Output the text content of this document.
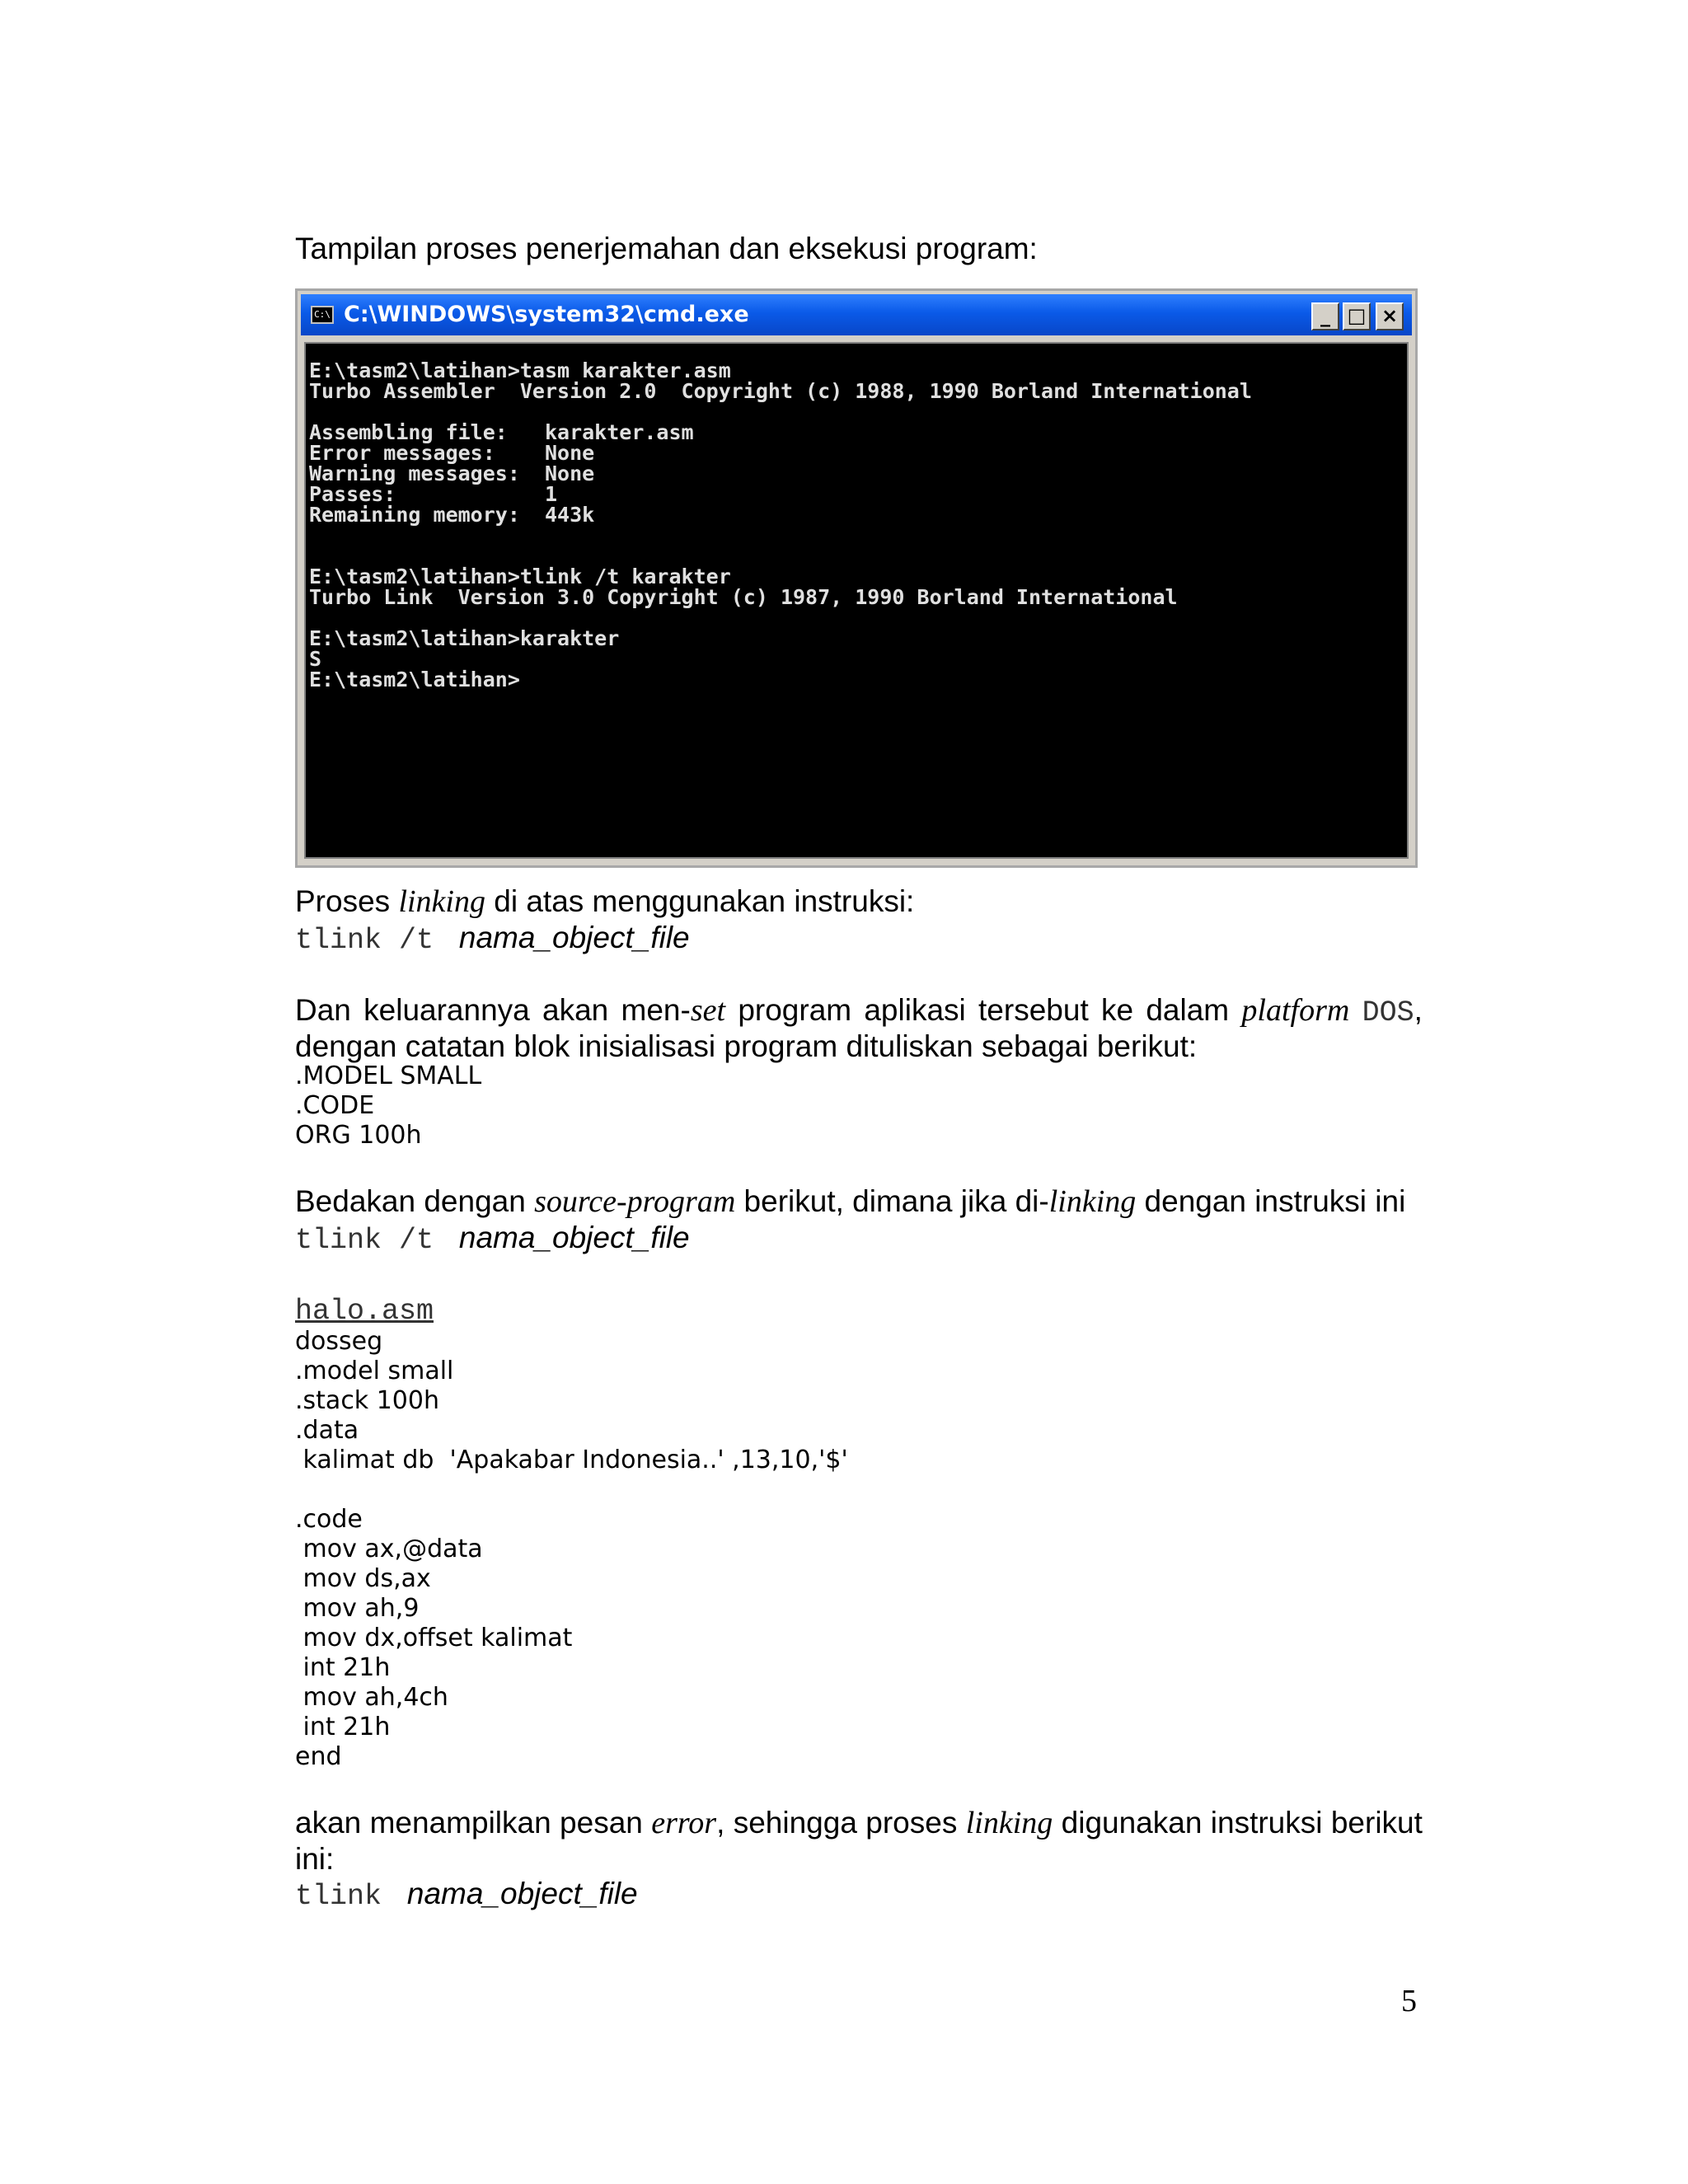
Tampilan proses penerjemahan dan eksekusi program:
C:\ C:\WINDOWS\system32\cmd.exe	_ □ ×
E:\tasm2\latihan>tasm karakter.asm
Turbo Assembler  Version 2.0  Copyright (c) 1988, 1990 Borland International

Assembling file:   karakter.asm
Error messages:    None
Warning messages:  None
Passes:            1
Remaining memory:  443k

E:\tasm2\latihan>tlink /t karakter
Turbo Link  Version 3.0 Copyright (c) 1987, 1990 Borland International

E:\tasm2\latihan>karakter
S
E:\tasm2\latihan>
Proses linking di atas menggunakan instruksi:
tlink /t nama_object_file
Dan keluarannya akan men-set program aplikasi tersebut ke dalam platform DOS,
dengan catatan blok inisialisasi program dituliskan sebagai berikut:
.MODEL SMALL
.CODE
ORG 100h
Bedakan dengan source-program berikut, dimana jika di-linking dengan instruksi ini
tlink /t nama_object_file
halo.asm
dosseg
.model small
.stack 100h
.data
kalimat db  'Apakabar Indonesia..' ,13,10,'$'

.code
mov ax,@data
mov ds,ax
mov ah,9
mov dx,offset kalimat
int 21h
mov ah,4ch
int 21h
end
akan menampilkan pesan error, sehingga proses linking digunakan instruksi berikut
ini:
tlink nama_object_file
5
